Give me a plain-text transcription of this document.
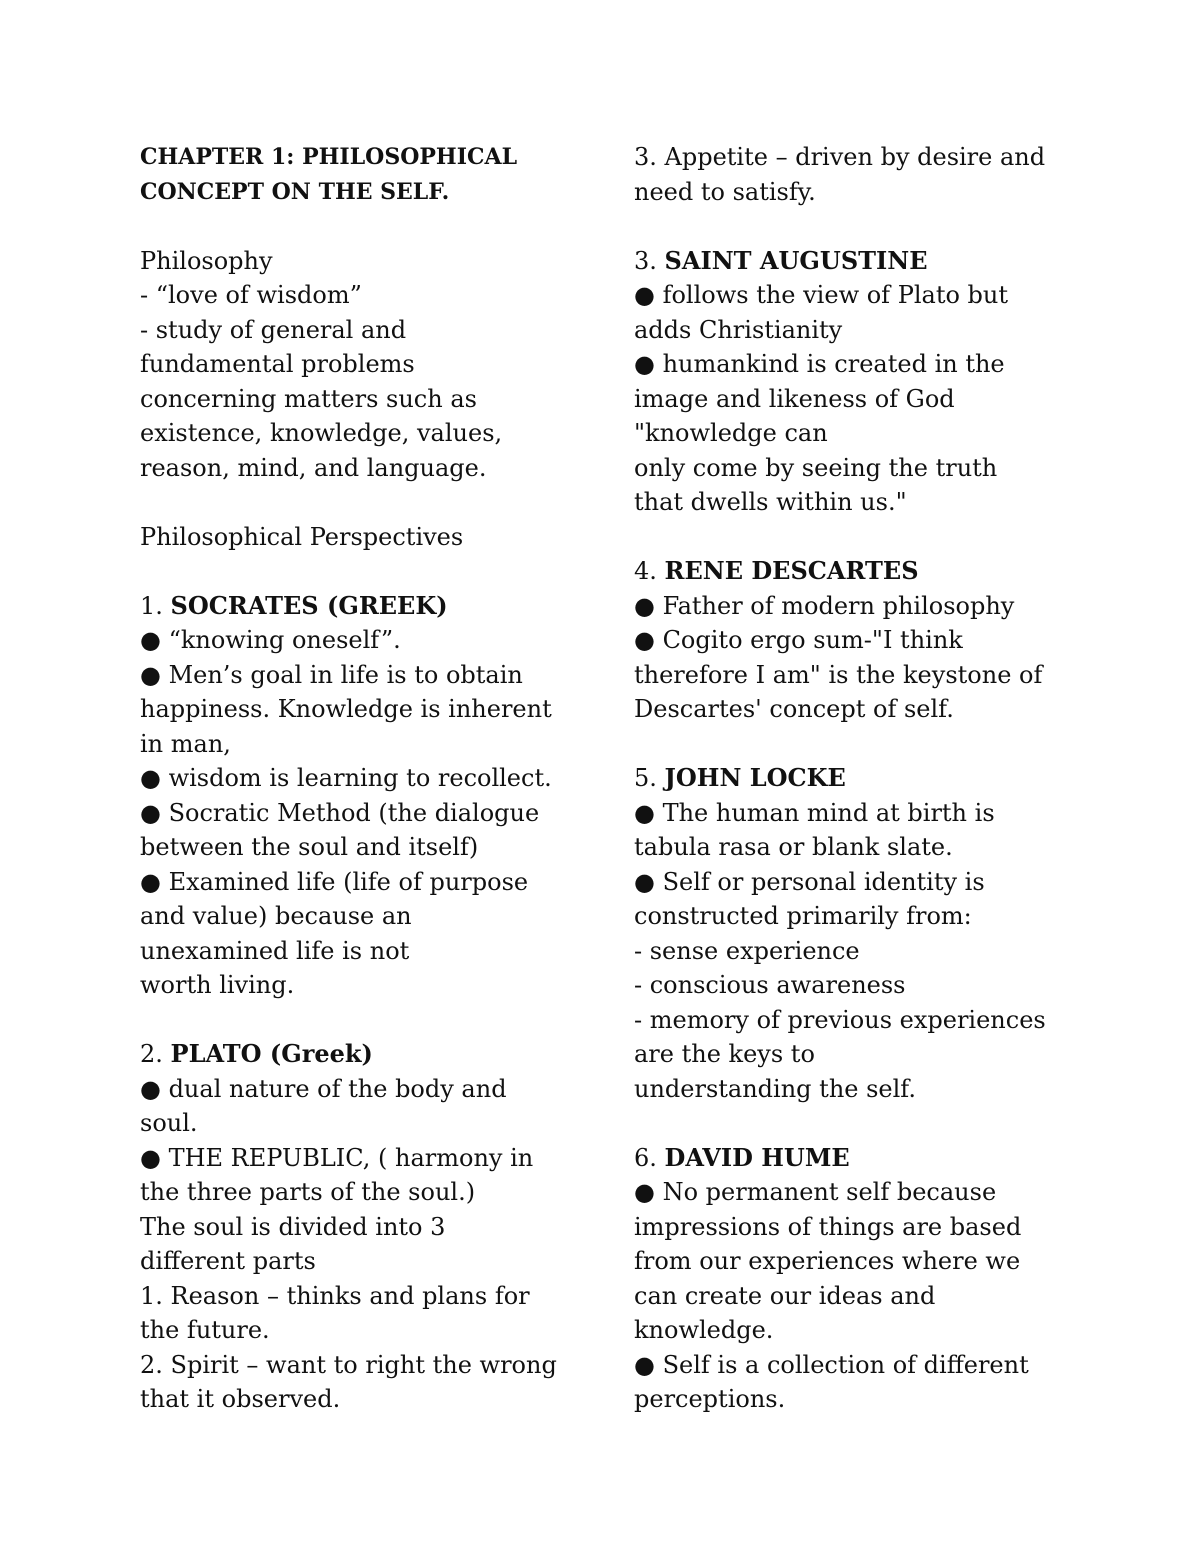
CHAPTER 1: PHILOSOPHICAL
CONCEPT ON THE SELF.
Philosophy
- “love of wisdom”
- study of general and
fundamental problems
concerning matters such as
existence, knowledge, values,
reason, mind, and language.
Philosophical Perspectives
1. SOCRATES (GREEK)
● “knowing oneself”.
● Men’s goal in life is to obtain
happiness. Knowledge is inherent
in man,
● wisdom is learning to recollect.
● Socratic Method (the dialogue
between the soul and itself)
● Examined life (life of purpose
and value) because an
unexamined life is not
worth living.
2. PLATO (Greek)
● dual nature of the body and
soul.
● THE REPUBLIC, ( harmony in
the three parts of the soul.)
The soul is divided into 3
different parts
1. Reason – thinks and plans for
the future.
2. Spirit – want to right the wrong
that it observed.
3. Appetite – driven by desire and
need to satisfy.
3. SAINT AUGUSTINE
● follows the view of Plato but
adds Christianity
● humankind is created in the
image and likeness of God
"knowledge can
only come by seeing the truth
that dwells within us."
4. RENE DESCARTES
● Father of modern philosophy
● Cogito ergo sum-"I think
therefore I am" is the keystone of
Descartes' concept of self.
5. JOHN LOCKE
● The human mind at birth is
tabula rasa or blank slate.
● Self or personal identity is
constructed primarily from:
- sense experience
- conscious awareness
- memory of previous experiences
are the keys to
understanding the self.
6. DAVID HUME
● No permanent self because
impressions of things are based
from our experiences where we
can create our ideas and
knowledge.
● Self is a collection of different
perceptions.
